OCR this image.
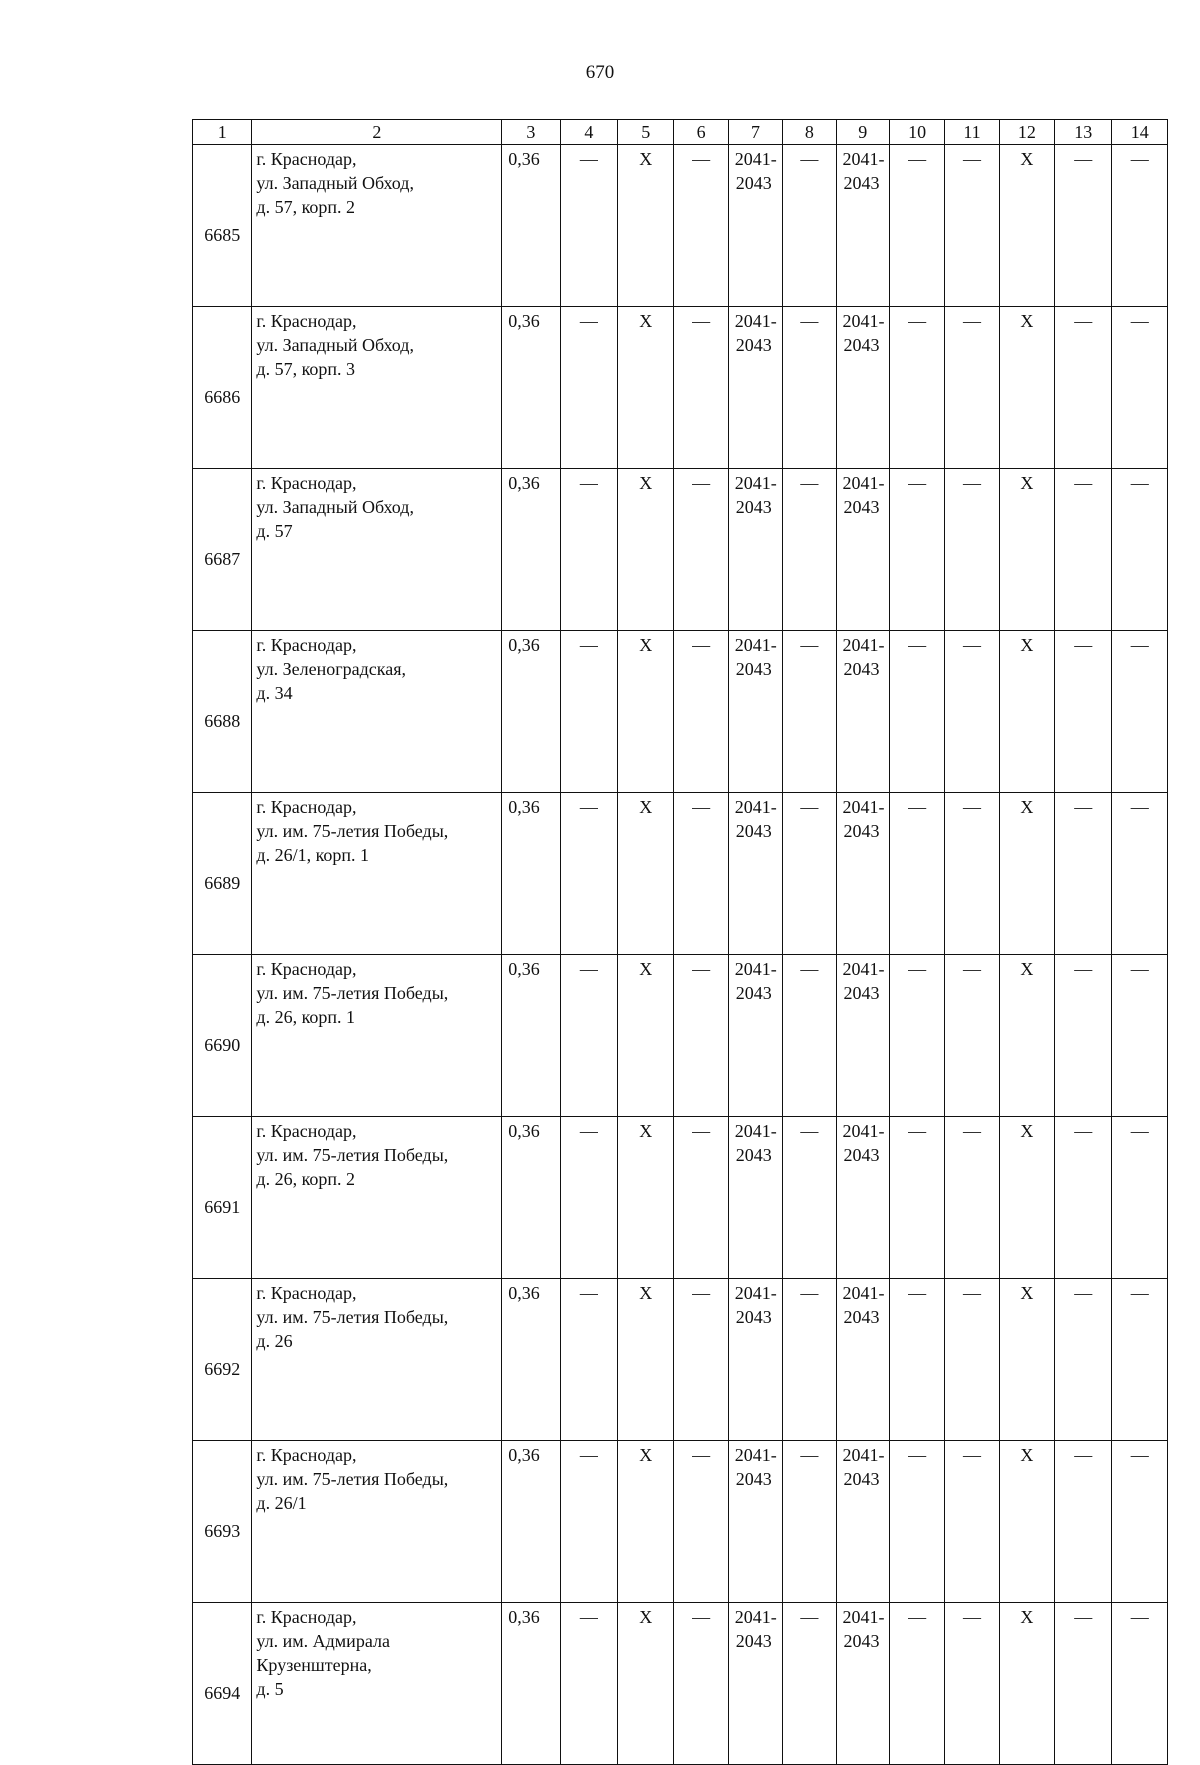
670
1	2	3	4	5	6	7	8	9	10	11	12	13	14
6685	г. Краснодар,
ул. Западный Обход,
д. 57, корп. 2	0,36	—	Х	—	2041-
2043	—	2041-
2043	—	—	Х	—	—
6686	г. Краснодар,
ул. Западный Обход,
д. 57, корп. 3	0,36	—	Х	—	2041-
2043	—	2041-
2043	—	—	Х	—	—
6687	г. Краснодар,
ул. Западный Обход,
д. 57	0,36	—	Х	—	2041-
2043	—	2041-
2043	—	—	Х	—	—
6688	г. Краснодар,
ул. Зеленоградская,
д. 34	0,36	—	Х	—	2041-
2043	—	2041-
2043	—	—	Х	—	—
6689	г. Краснодар,
ул. им. 75-летия Победы,
д. 26/1, корп. 1	0,36	—	Х	—	2041-
2043	—	2041-
2043	—	—	Х	—	—
6690	г. Краснодар,
ул. им. 75-летия Победы,
д. 26, корп. 1	0,36	—	Х	—	2041-
2043	—	2041-
2043	—	—	Х	—	—
6691	г. Краснодар,
ул. им. 75-летия Победы,
д. 26, корп. 2	0,36	—	Х	—	2041-
2043	—	2041-
2043	—	—	Х	—	—
6692	г. Краснодар,
ул. им. 75-летия Победы,
д. 26	0,36	—	Х	—	2041-
2043	—	2041-
2043	—	—	Х	—	—
6693	г. Краснодар,
ул. им. 75-летия Победы,
д. 26/1	0,36	—	Х	—	2041-
2043	—	2041-
2043	—	—	Х	—	—
6694	г. Краснодар,
ул. им. Адмирала
Крузенштерна,
д. 5	0,36	—	Х	—	2041-
2043	—	2041-
2043	—	—	Х	—	—
